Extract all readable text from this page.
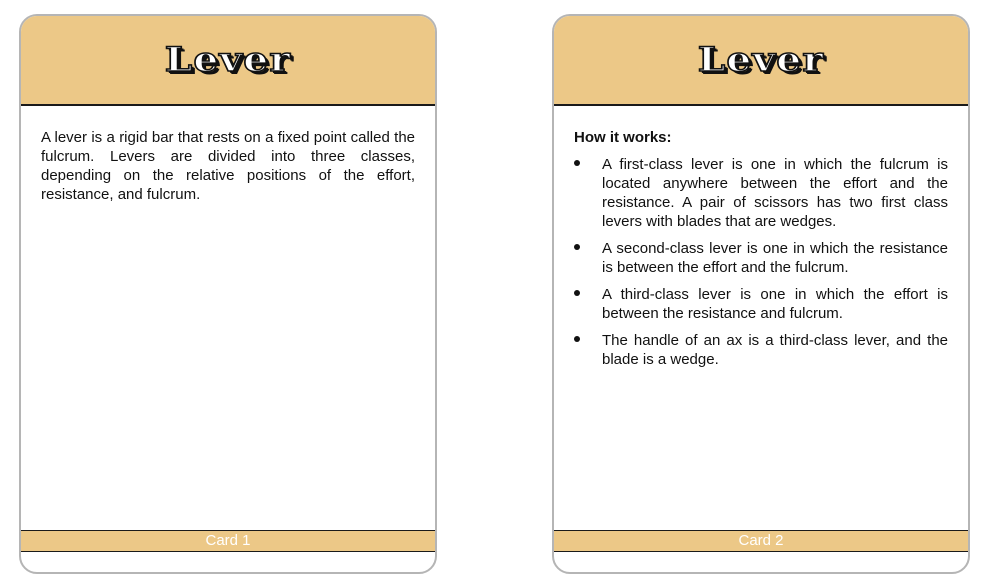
Lever

A lever is a rigid bar that rests on a fixed point called the fulcrum. Levers are divided into three classes, depending on the relative positions of the effort, resistance, and fulcrum.

Card 1
Lever

How it works:

A first-class lever is one in which the fulcrum is located anywhere between the effort and the resistance. A pair of scissors has two first class levers with blades that are wedges.
A second-class lever is one in which the resistance is between the effort and the fulcrum.
A third-class lever is one in which the effort is between the resistance and fulcrum.
The handle of an ax is a third-class lever, and the blade is a wedge.
Card 2
